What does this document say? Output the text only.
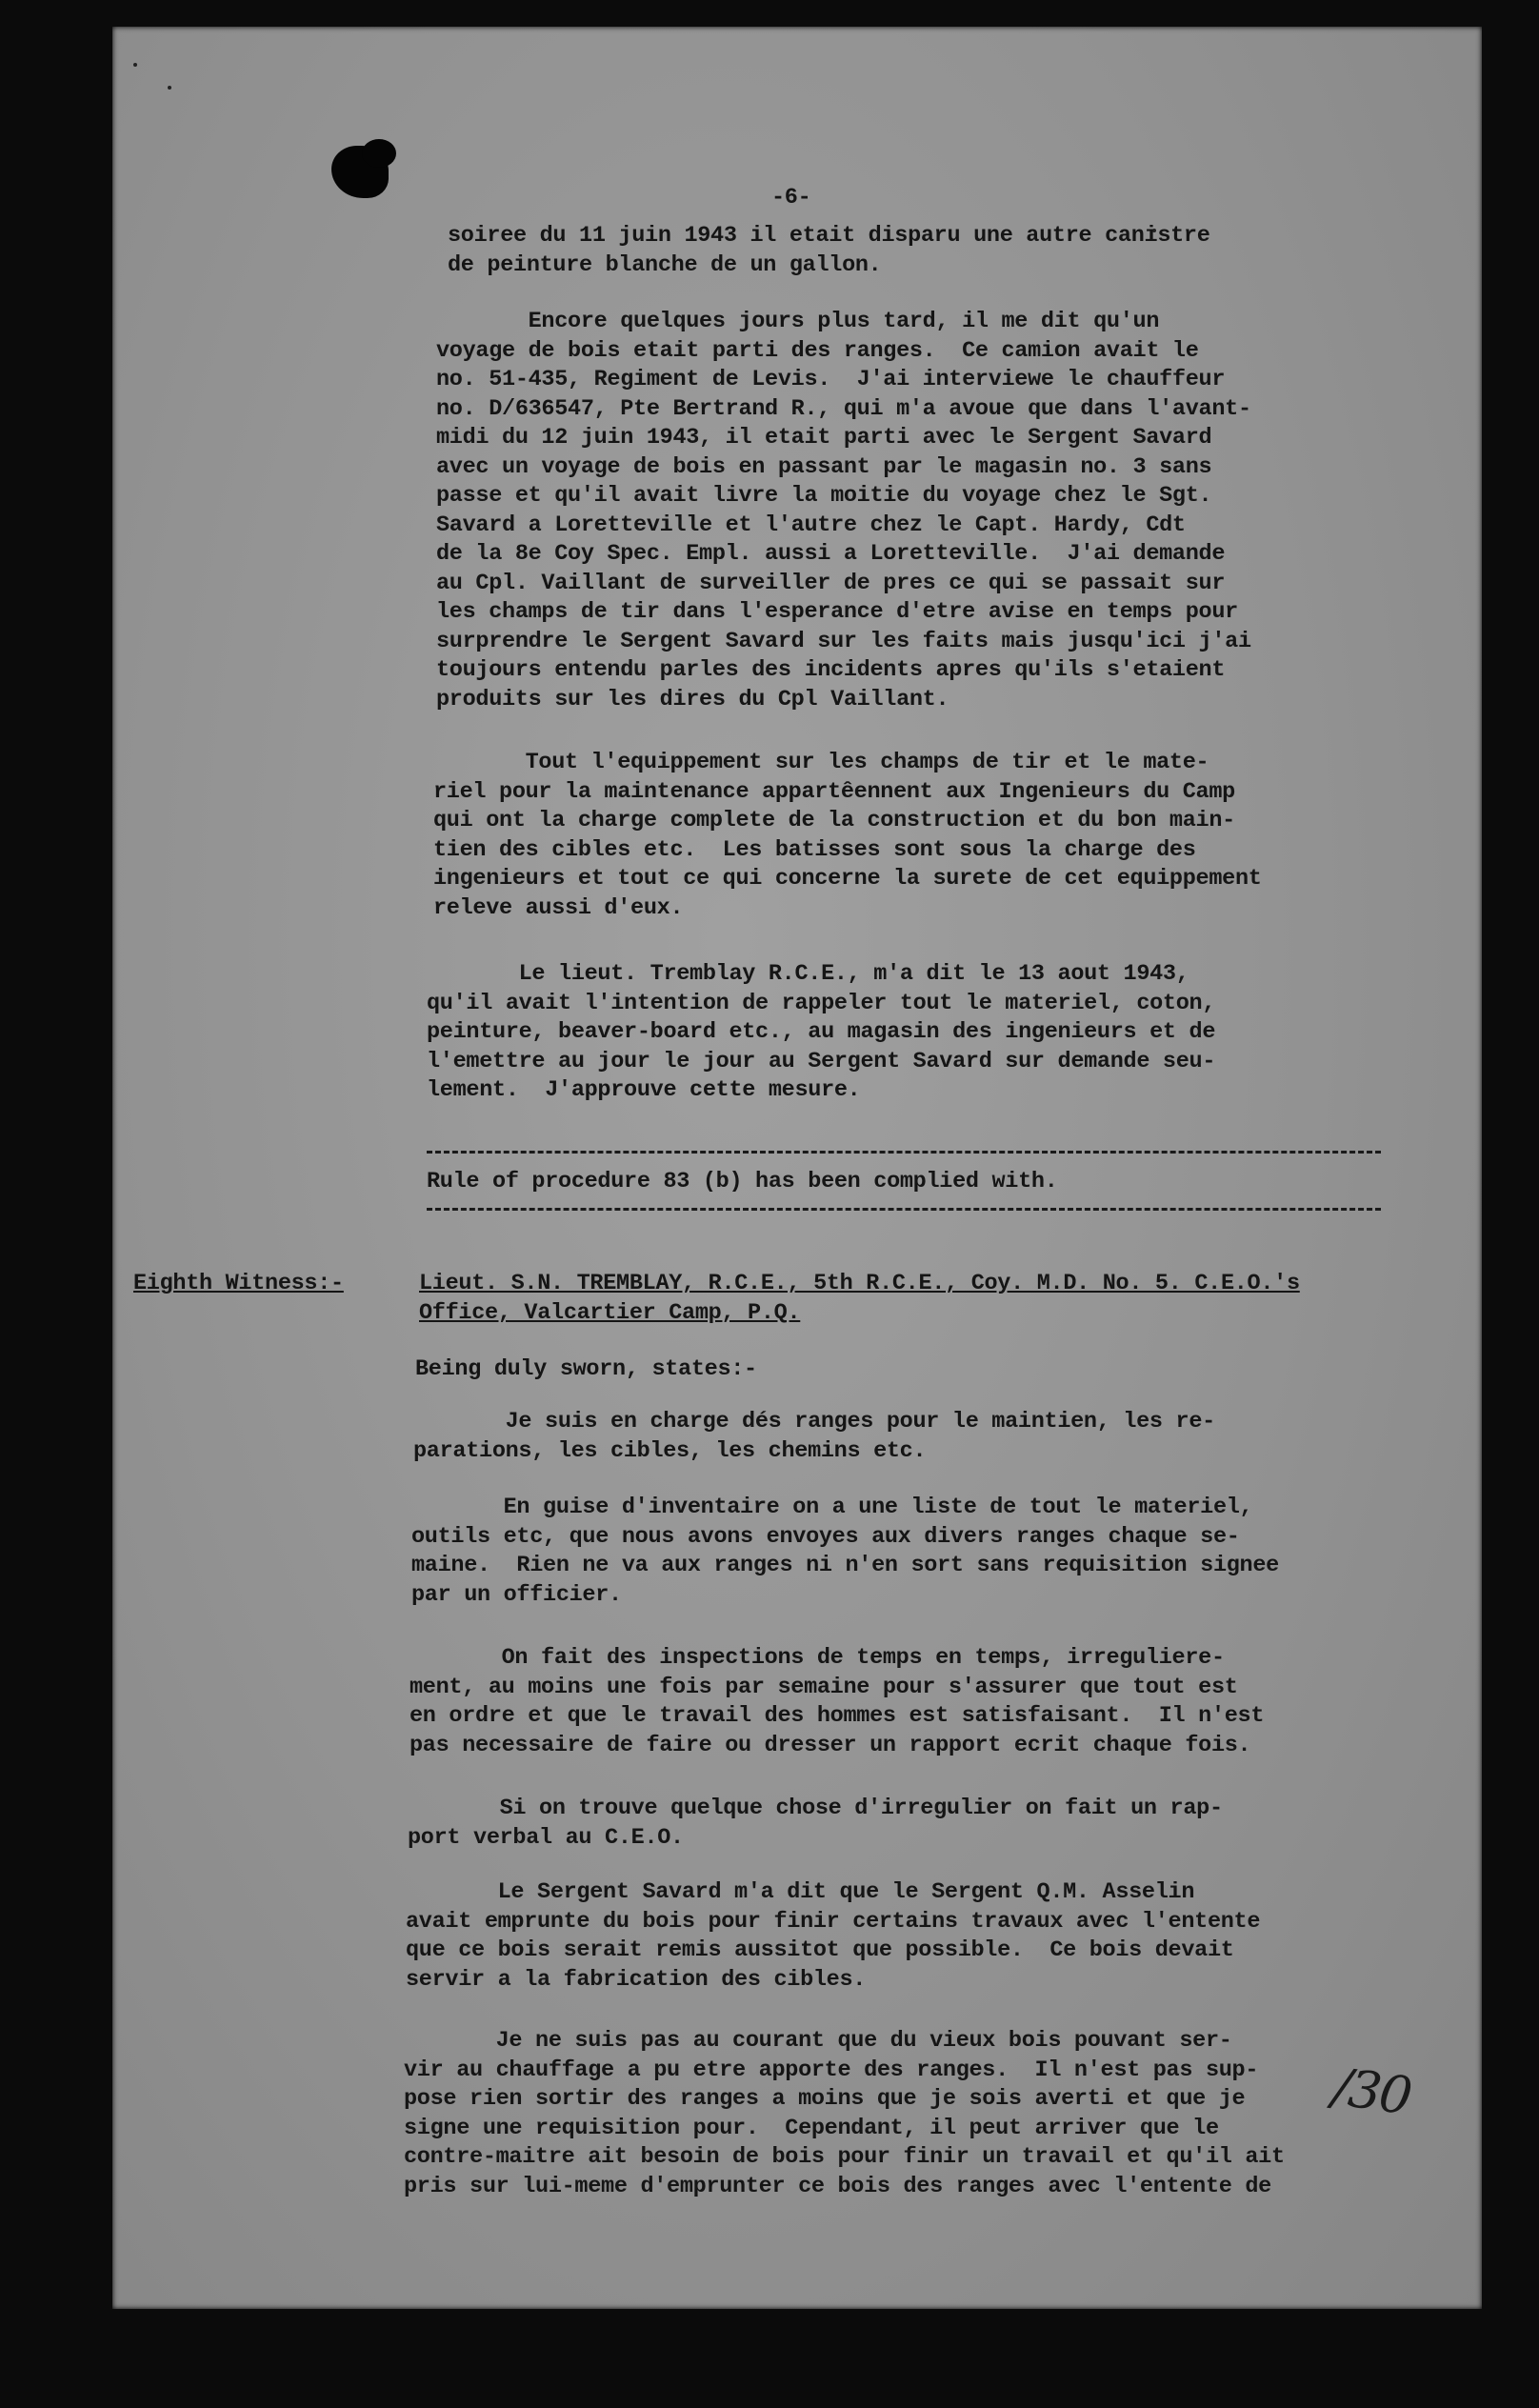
-6-
soiree du 11 juin 1943 il etait disparu une autre canistre
de peinture blanche de un gallon.
Encore quelques jours plus tard, il me dit qu'un
voyage de bois etait parti des ranges.  Ce camion avait le
no. 51-435, Regiment de Levis.  J'ai interviewe le chauffeur
no. D/636547, Pte Bertrand R., qui m'a avoue que dans l'avant-
midi du 12 juin 1943, il etait parti avec le Sergent Savard
avec un voyage de bois en passant par le magasin no. 3 sans
passe et qu'il avait livre la moitie du voyage chez le Sgt.
Savard a Loretteville et l'autre chez le Capt. Hardy, Cdt
de la 8e Coy Spec. Empl. aussi a Loretteville.  J'ai demande
au Cpl. Vaillant de surveiller de pres ce qui se passait sur
les champs de tir dans l'esperance d'etre avise en temps pour
surprendre le Sergent Savard sur les faits mais jusqu'ici j'ai
toujours entendu parles des incidents apres qu'ils s'etaient
produits sur les dires du Cpl Vaillant.
Tout l'equippement sur les champs de tir et le mate-
riel pour la maintenance appartêennent aux Ingenieurs du Camp
qui ont la charge complete de la construction et du bon main-
tien des cibles etc.  Les batisses sont sous la charge des
ingenieurs et tout ce qui concerne la surete de cet equippement
releve aussi d'eux.
Le lieut. Tremblay R.C.E., m'a dit le 13 aout 1943,
qu'il avait l'intention de rappeler tout le materiel, coton,
peinture, beaver-board etc., au magasin des ingenieurs et de
l'emettre au jour le jour au Sergent Savard sur demande seu-
lement.  J'approuve cette mesure.
Rule of procedure 83 (b) has been complied with.
Eighth Witness:-	Lieut. S.N. TREMBLAY, R.C.E., 5th R.C.E., Coy. M.D. No. 5. C.E.O.'s
Office, Valcartier Camp, P.Q.
Being duly sworn, states:-
Je suis en charge dés ranges pour le maintien, les re-
parations, les cibles, les chemins etc.
En guise d'inventaire on a une liste de tout le materiel,
outils etc, que nous avons envoyes aux divers ranges chaque se-
maine.  Rien ne va aux ranges ni n'en sort sans requisition signee
par un officier.
On fait des inspections de temps en temps, irreguliere-
ment, au moins une fois par semaine pour s'assurer que tout est
en ordre et que le travail des hommes est satisfaisant.  Il n'est
pas necessaire de faire ou dresser un rapport ecrit chaque fois.
Si on trouve quelque chose d'irregulier on fait un rap-
port verbal au C.E.O.
Le Sergent Savard m'a dit que le Sergent Q.M. Asselin
avait emprunte du bois pour finir certains travaux avec l'entente
que ce bois serait remis aussitot que possible.  Ce bois devait
servir a la fabrication des cibles.
Je ne suis pas au courant que du vieux bois pouvant ser-
vir au chauffage a pu etre apporte des ranges.  Il n'est pas sup-
pose rien sortir des ranges a moins que je sois averti et que je
signe une requisition pour.  Cependant, il peut arriver que le
contre-maitre ait besoin de bois pour finir un travail et qu'il ait
pris sur lui-meme d'emprunter ce bois des ranges avec l'entente de
/30
